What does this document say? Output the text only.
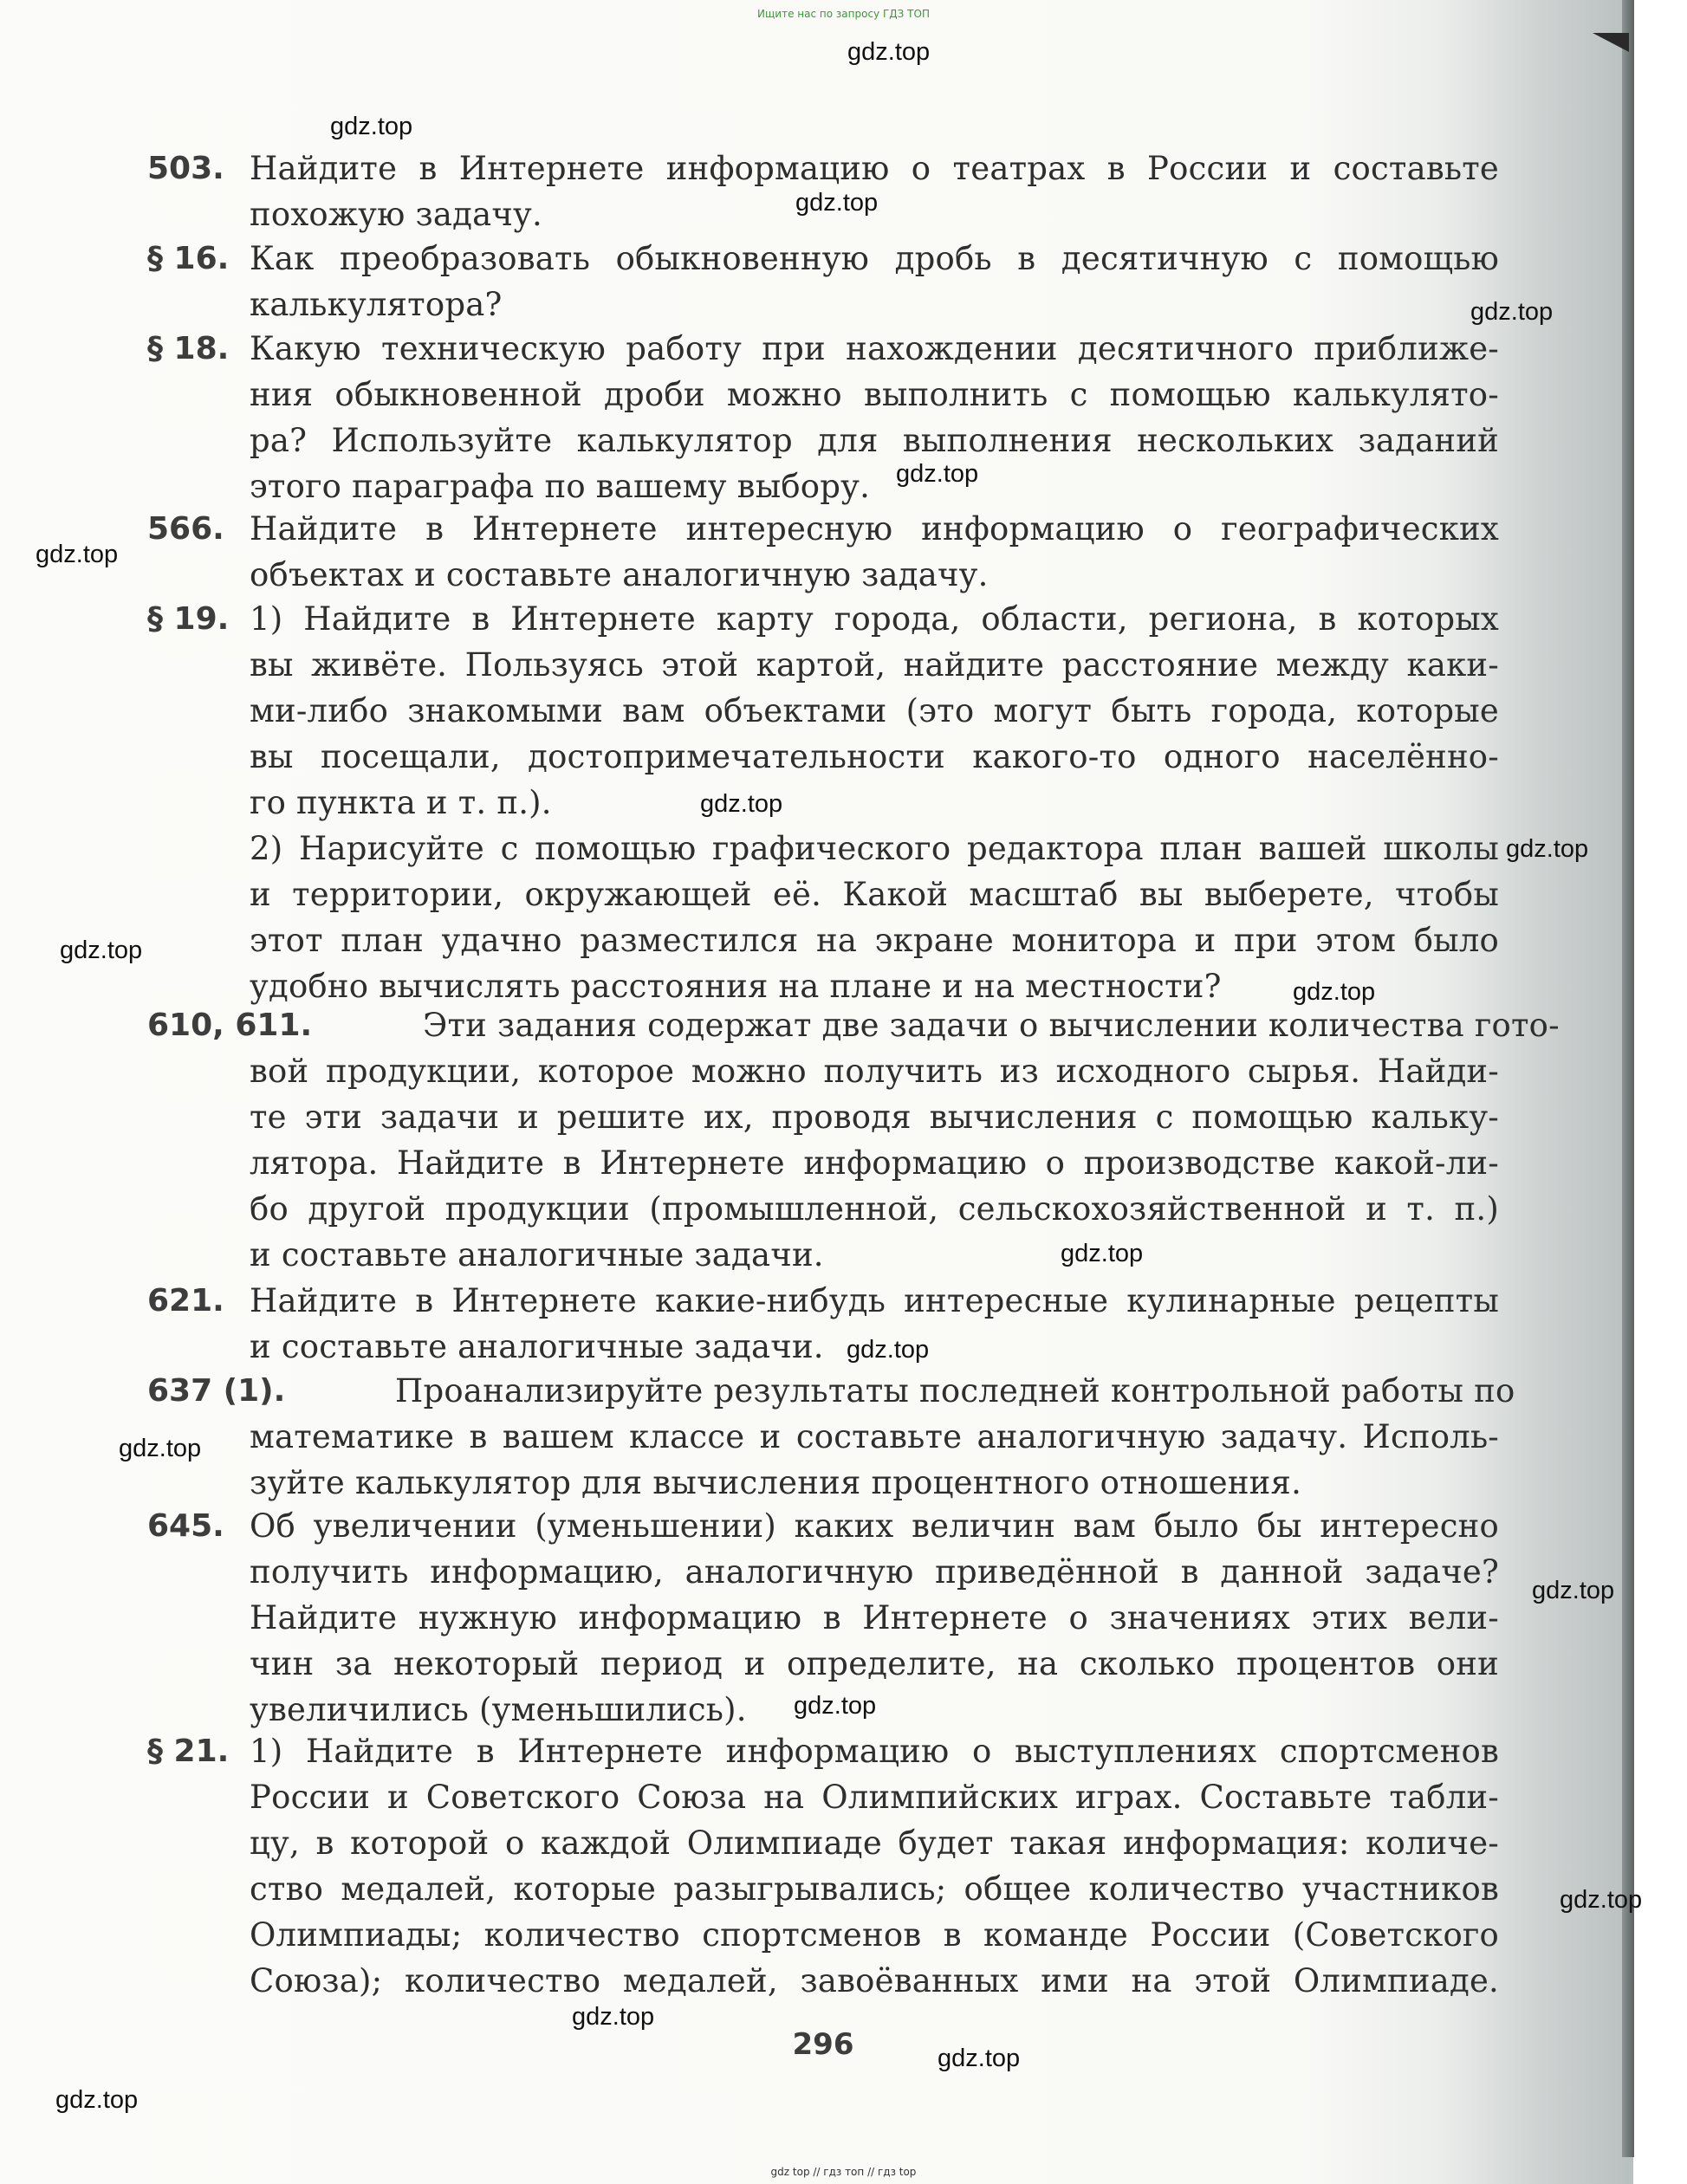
Ищите нас по запросу ГДЗ ТОП
gdz.top
gdz.top
gdz.top
gdz.top
gdz.top
gdz.top
gdz.top
gdz.top
gdz.top
gdz.top
gdz.top
gdz.top
gdz.top
gdz.top
gdz.top
gdz.top
gdz.top
gdz.top
gdz.top
503. Найдите в Интернете информацию о театрах в России и составьте
похожую задачу.
§ 16. Как преобразовать обыкновенную дробь в десятичную с помощью
калькулятора?
§ 18. Какую техническую работу при нахождении десятичного приближе-
ния обыкновенной дроби можно выполнить с помощью калькулято-
ра? Используйте калькулятор для выполнения нескольких заданий
этого параграфа по вашему выбору.
566. Найдите в Интернете интересную информацию о географических
объектах и составьте аналогичную задачу.
§ 19. 1) Найдите в Интернете карту города, области, региона, в которых
вы живёте. Пользуясь этой картой, найдите расстояние между каки-
ми-либо знакомыми вам объектами (это могут быть города, которые
вы посещали, достопримечательности какого-то одного населённо-
го пункта и т. п.).
2) Нарисуйте с помощью графического редактора план вашей школы
и территории, окружающей её. Какой масштаб вы выберете, чтобы
этот план удачно разместился на экране монитора и при этом было
удобно вычислять расстояния на плане и на местности?
610, 611.	Эти задания содержат две задачи о вычислении количества гото-
вой продукции, которое можно получить из исходного сырья. Найди-
те эти задачи и решите их, проводя вычисления с помощью кальку-
лятора. Найдите в Интернете информацию о производстве какой-ли-
бо другой продукции (промышленной, сельскохозяйственной и т. п.)
и составьте аналогичные задачи.
621. Найдите в Интернете какие-нибудь интересные кулинарные рецепты
и составьте аналогичные задачи.
637 (1).	Проанализируйте результаты последней контрольной работы по
математике в вашем классе и составьте аналогичную задачу. Исполь-
зуйте калькулятор для вычисления процентного отношения.
645. Об увеличении (уменьшении) каких величин вам было бы интересно
получить информацию, аналогичную приведённой в данной задаче?
Найдите нужную информацию в Интернете о значениях этих вели-
чин за некоторый период и определите, на сколько процентов они
увеличились (уменьшились).
§ 21. 1) Найдите в Интернете информацию о выступлениях спортсменов
России и Советского Союза на Олимпийских играх. Составьте табли-
цу, в которой о каждой Олимпиаде будет такая информация: количе-
ство медалей, которые разыгрывались; общее количество участников
Олимпиады; количество спортсменов в команде России (Советского
Союза); количество медалей, завоёванных ими на этой Олимпиаде.
296
gdz top // гдз топ // гдз top
